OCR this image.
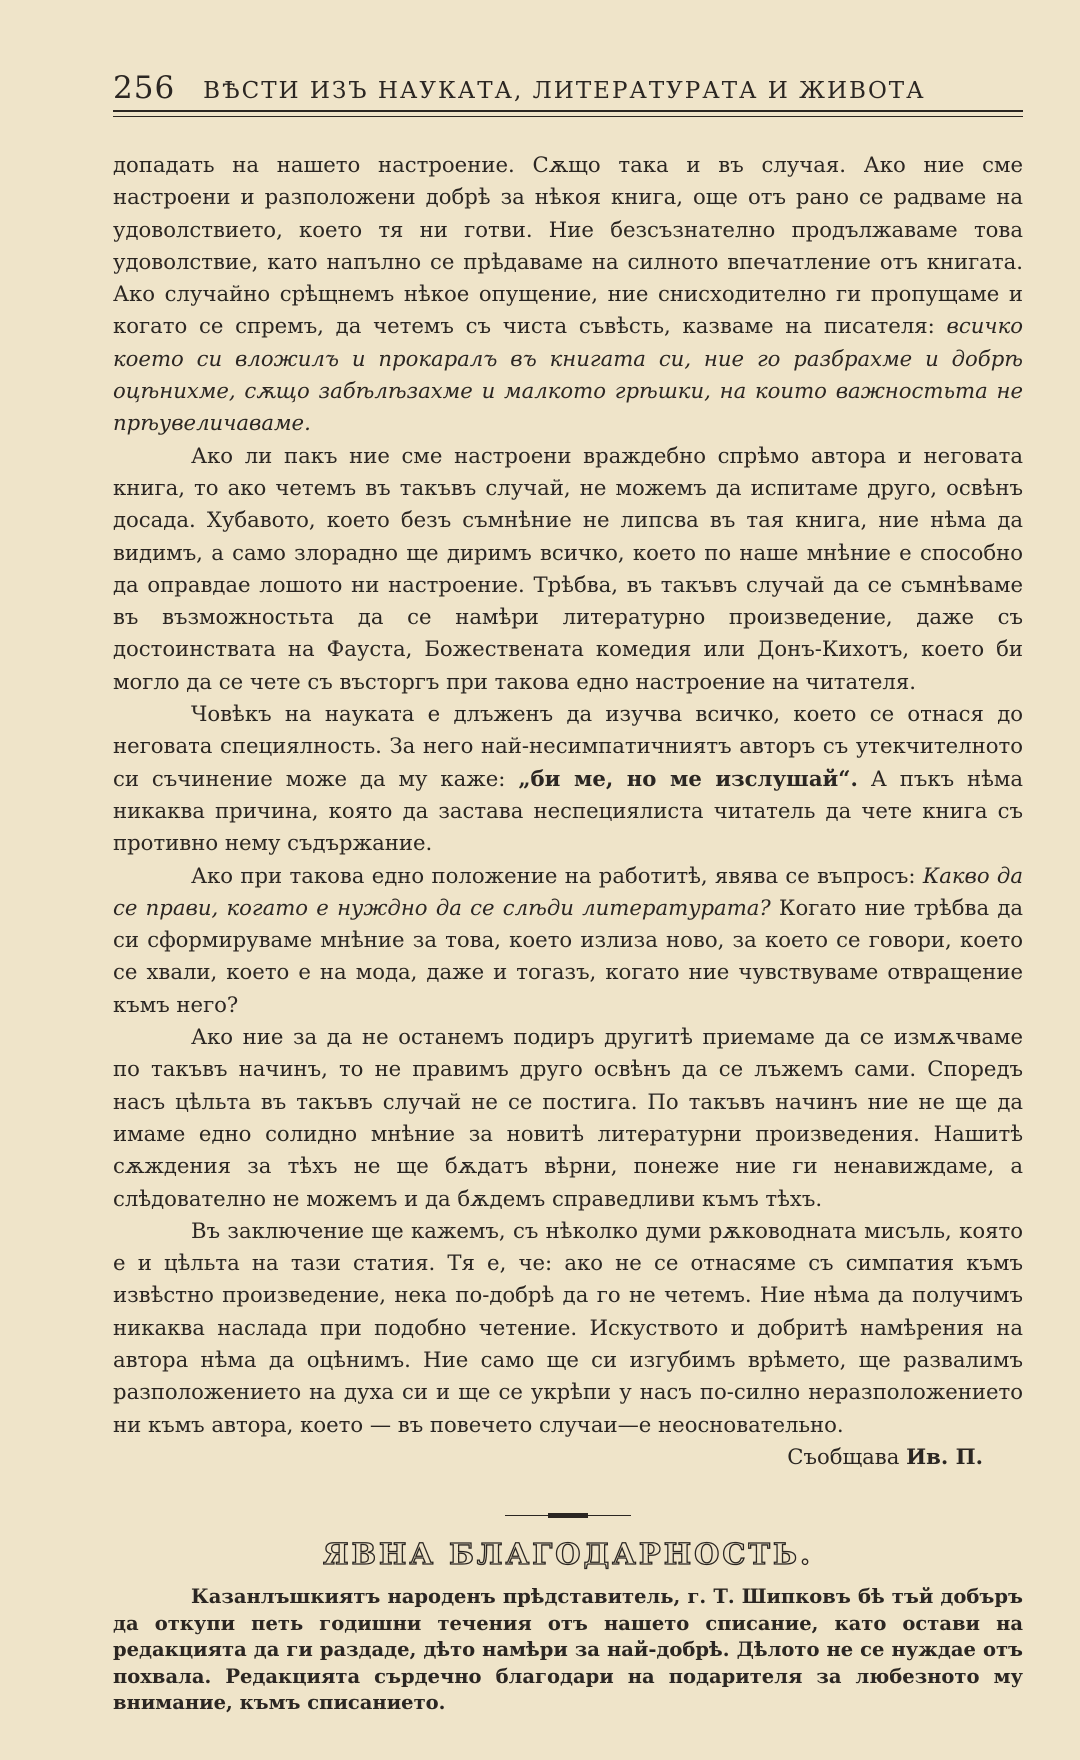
256 ВѢСТИ ИЗЪ НАУКАТА, ЛИТЕРАТУРАТА И ЖИВОТА

допадать на нашето настроение. Сѫщо така и въ случая. Ако ние сме настроени и разположени добрѣ за нѣкоя книга, още отъ рано се радваме на удоволствието, което тя ни готви. Ние безсъзнателно продължаваме това удоволствие, като напълно се прѣдаваме на силното впечатление отъ книгата. Ако случайно срѣщнемъ нѣкое опущение, ние снисходително ги пропущаме и когато се спремъ, да четемъ съ чиста съвѣсть, казваме на писателя: всичко което си вложилъ и прокаралъ въ книгата си, ние го разбрахме и добрѣ оцѣнихме, сѫщо забѣлѣзахме и малкото грѣшки, на които важностьта не прѣувеличаваме.

Ако ли пакъ ние сме настроени враждебно спрѣмо автора и неговата книга, то ако четемъ въ такъвъ случай, не можемъ да испитаме друго, освѣнъ досада. Хубавото, което безъ съмнѣние не липсва въ тая книга, ние нѣма да видимъ, а само злорадно ще диримъ всичко, което по наше мнѣние е способно да оправдае лошото ни настроение. Трѣбва, въ такъвъ случай да се съмнѣваме въ възможностьта да се намѣри литературно произведение, даже съ достоинствата на Фауста, Божествената комедия или Донъ-Кихотъ, което би могло да се чете съ въсторгъ при такова едно настроение на читателя.

Човѣкъ на науката е длъженъ да изучва всичко, което се отнася до неговата специялность. За него най-несимпатичниятъ авторъ съ утекчителното си съчинение може да му каже: „би ме, но ме изслушай“. А пъкъ нѣма никаква причина, която да застава неспециялиста читатель да чете книга съ противно нему съдържание.

Ако при такова едно положение на работитѣ, явява се въпросъ: Какво да се прави, когато е нуждно да се слѣди литературата? Когато ние трѣбва да си сформируваме мнѣние за това, което излиза ново, за което се говори, което се хвали, което е на мода, даже и тогазъ, когато ние чувствуваме отвращение къмъ него?

Ако ние за да не останемъ подиръ другитѣ приемаме да се измѫчваме по такъвъ начинъ, то не правимъ друго освѣнъ да се лъжемъ сами. Споредъ насъ цѣльта въ такъвъ случай не се постига. По такъвъ начинъ ние не ще да имаме едно солидно мнѣние за новитѣ литературни произведения. Нашитѣ сѫждения за тѣхъ не ще бѫдатъ вѣрни, понеже ние ги ненавиждаме, а слѣдователно не можемъ и да бѫдемъ справедливи къмъ тѣхъ.

Въ заключение ще кажемъ, съ нѣколко думи рѫководната мисъль, която е и цѣльта на тази статия. Тя е, че: ако не се отнасяме съ симпатия къмъ извѣстно произведение, нека по-добрѣ да го не четемъ. Ние нѣма да получимъ никаква наслада при подобно четение. Искуството и добритѣ намѣрения на автора нѣма да оцѣнимъ. Ние само ще си изгубимъ врѣмето, ще развалимъ разположението на духа си и ще се укрѣпи у насъ по-силно неразположението ни къмъ автора, което — въ повечето случаи—е неосновательно.

Съобщава Ив. П.
ЯВНА БЛАГОДАРНОСТЬ.

Казанлъшкиятъ народенъ прѣдставитель, г. Т. Шипковъ бѣ тъй добъръ да откупи петь годишни течения отъ нашето списание, като остави на редакцията да ги раздаде, дѣто намѣри за най-добрѣ. Дѣлото не се нуждае отъ похвала. Редакцията сърдечно благодари на подарителя за любезното му внимание, къмъ списанието.
